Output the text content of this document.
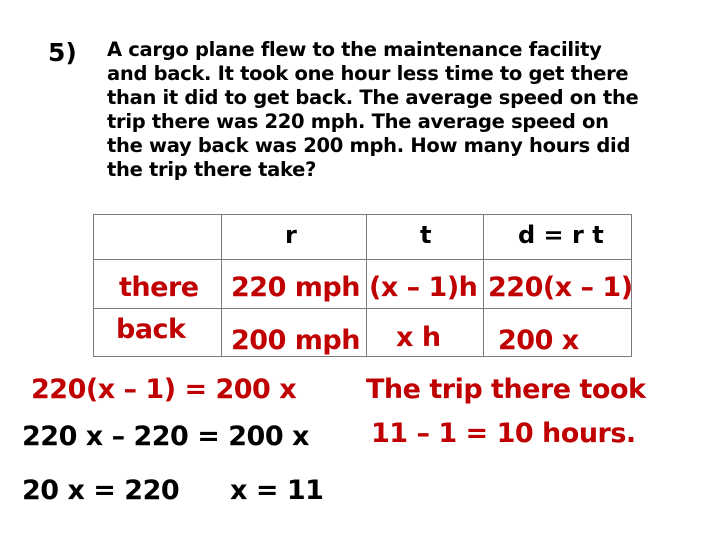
5) A cargo plane flew to the maintenance facility
and back. It took one hour less time to get there
than it did to get back. The average speed on the
trip there was 220 mph. The average speed on
the way back was 200 mph. How many hours did
the trip there take?
r	t	d = r t
there 220 mph (x – 1)h 220(x – 1)
back 200 mph x h 200 x
220(x – 1) = 200 x
220 x – 220 = 200 x
20 x = 220 x = 11
The trip there took
11 – 1 = 10 hours.
